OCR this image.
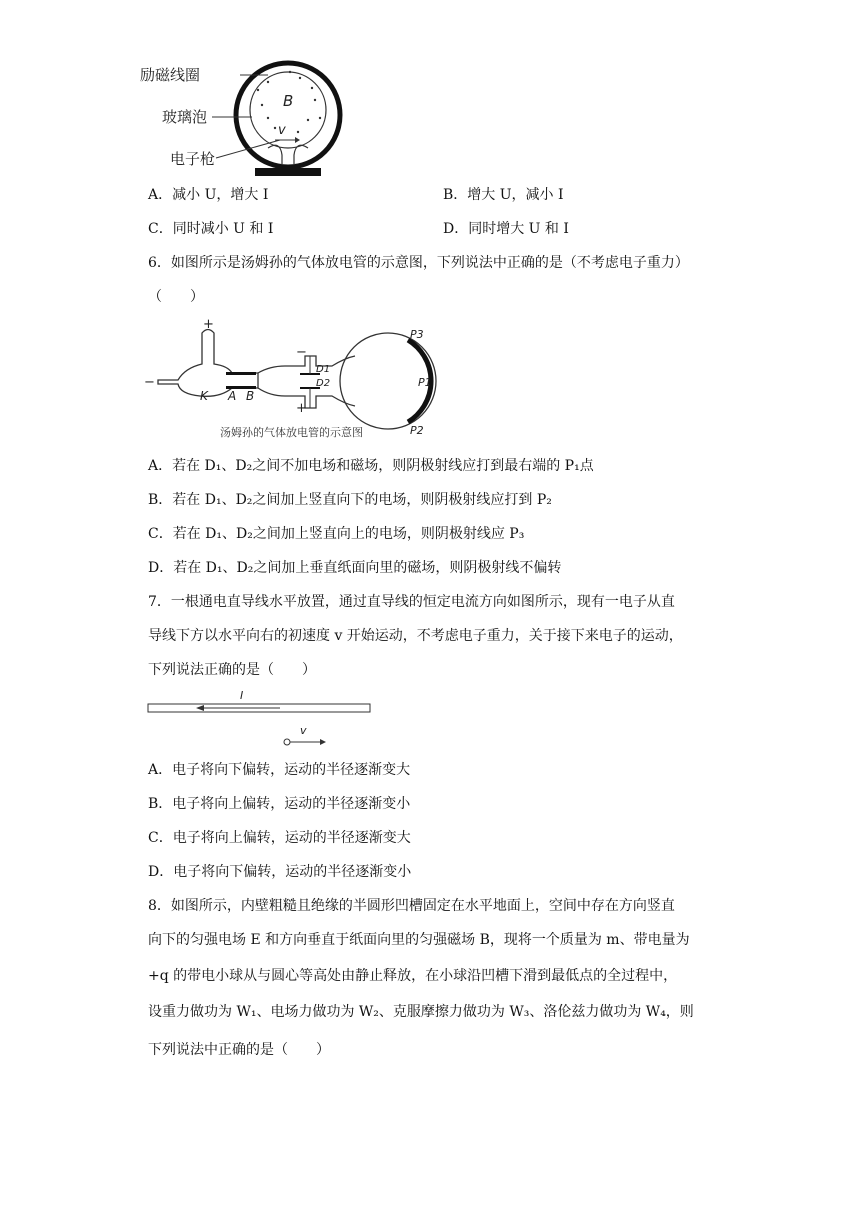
励磁线圈
玻璃泡
电子枪
B
v
A．减小 U，增大 I	B．增大 U，减小 I
C．同时减小 U 和 I	D．同时增大 U 和 I
6．如图所示是汤姆孙的气体放电管的示意图，下列说法中正确的是（不考虑电子重力）
（　　）
+
−
−
+
K A B
D1
D2
P3
P1
P2
汤姆孙的气体放电管的示意图
A．若在 D₁、D₂之间不加电场和磁场，则阴极射线应打到最右端的 P₁点
B．若在 D₁、D₂之间加上竖直向下的电场，则阴极射线应打到 P₂
C．若在 D₁、D₂之间加上竖直向上的电场，则阴极射线应 P₃
D．若在 D₁、D₂之间加上垂直纸面向里的磁场，则阴极射线不偏转
7．一根通电直导线水平放置，通过直导线的恒定电流方向如图所示，现有一电子从直
导线下方以水平向右的初速度 v 开始运动，不考虑电子重力，关于接下来电子的运动，
下列说法正确的是（　　）
I
v
A．电子将向下偏转，运动的半径逐渐变大
B．电子将向上偏转，运动的半径逐渐变小
C．电子将向上偏转，运动的半径逐渐变大
D．电子将向下偏转，运动的半径逐渐变小
8．如图所示，内壁粗糙且绝缘的半圆形凹槽固定在水平地面上，空间中存在方向竖直
向下的匀强电场 E 和方向垂直于纸面向里的匀强磁场 B，现将一个质量为 m、带电量为
+q 的带电小球从与圆心等高处由静止释放，在小球沿凹槽下滑到最低点的全过程中，
设重力做功为 W₁、电场力做功为 W₂、克服摩擦力做功为 W₃、洛伦兹力做功为 W₄，则
下列说法中正确的是（　　）
